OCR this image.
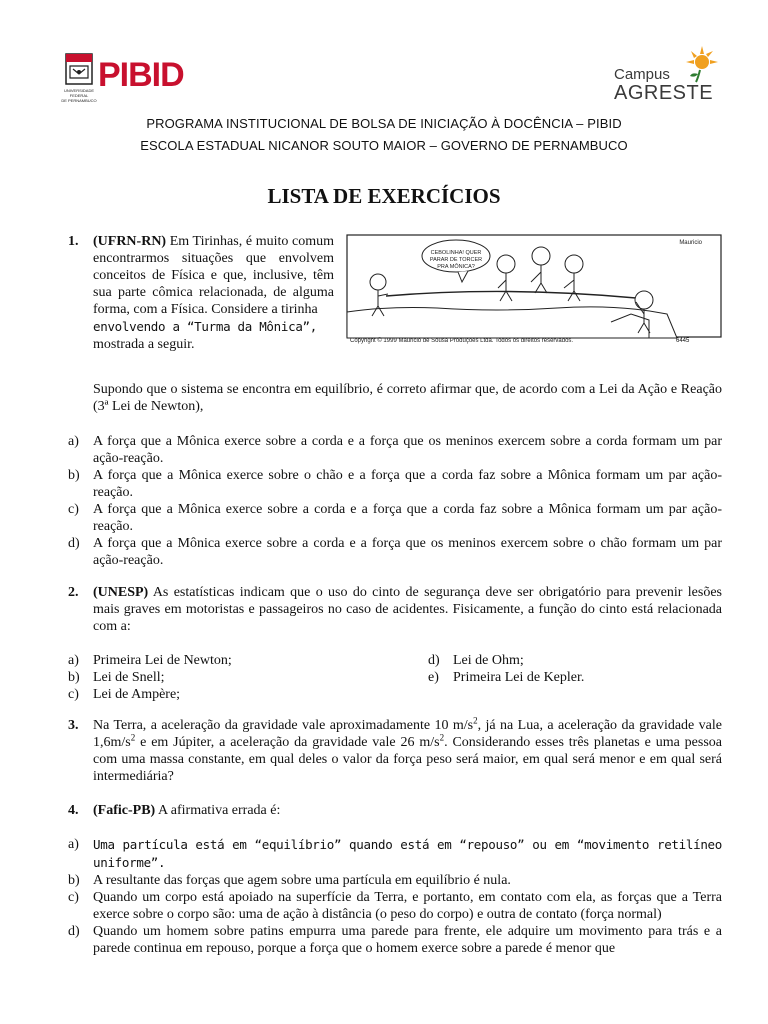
UNIVERSIDADE
FEDERAL
DE PERNAMBUCO
PIBID	Campus
AGRESTE
PROGRAMA INSTITUCIONAL DE BOLSA DE INICIAÇÃO À DOCÊNCIA – PIBID
ESCOLA ESTADUAL NICANOR SOUTO MAIOR – GOVERNO DE PERNAMBUCO
LISTA DE EXERCÍCIOS
1.	(UFRN-RN) Em Tirinhas, é muito comum encontrarmos situações que envolvem conceitos de Física e que, inclusive, têm sua parte cômica relacionada, de alguma forma, com a Física. Considere a tirinha
envolvendo a “Turma da Mônica”,
mostrada a seguir.
CEBOLINHA! QUER
PARAR DE TORCER
PRA MÔNICA?
Mauricio
Copyright © 1999 Mauricio de Sousa Produções Ltda. Todos os direitos reservados.	6445
Supondo que o sistema se encontra em equilíbrio, é correto afirmar que, de acordo com a Lei da Ação e Reação (3ª Lei de Newton),
a) A força que a Mônica exerce sobre a corda e a força que os meninos exercem sobre a corda formam um par ação-reação.
b) A força que a Mônica exerce sobre o chão e a força que a corda faz sobre a Mônica formam um par ação-reação.
c) A força que a Mônica exerce sobre a corda e a força que a corda faz sobre a Mônica formam um par ação-reação.
d) A força que a Mônica exerce sobre a corda e a força que os meninos exercem sobre o chão formam um par ação-reação.
2.	(UNESP) As estatísticas indicam que o uso do cinto de segurança deve ser obrigatório para prevenir lesões mais graves em motoristas e passageiros no caso de acidentes. Fisicamente, a função do cinto está relacionada com a:
a) Primeira Lei de Newton;
b) Lei de Snell;
c) Lei de Ampère;
d) Lei de Ohm;
e) Primeira Lei de Kepler.
3.	Na Terra, a aceleração da gravidade vale aproximadamente 10 $m/s^2$, já na Lua, a aceleração da gravidade vale $1,6m/s^2$ e em Júpiter, a aceleração da gravidade vale 26 $m/s^2$. Considerando esses três planetas e uma pessoa com uma massa constante, em qual deles o valor da força peso será maior, em qual será menor e em qual será intermediária?
4.	(Fafic-PB) A afirmativa errada é:
a) Uma partícula está em “equilíbrio” quando está em “repouso” ou em “movimento retilíneo uniforme”.
b) A resultante das forças que agem sobre uma partícula em equilíbrio é nula.
c) Quando um corpo está apoiado na superfície da Terra, e portanto, em contato com ela, as forças que a Terra exerce sobre o corpo são: uma de ação à distância (o peso do corpo) e outra de contato (força normal)
d) Quando um homem sobre patins empurra uma parede para frente, ele adquire um movimento para trás e a parede continua em repouso, porque a força que o homem exerce sobre a parede é menor que
